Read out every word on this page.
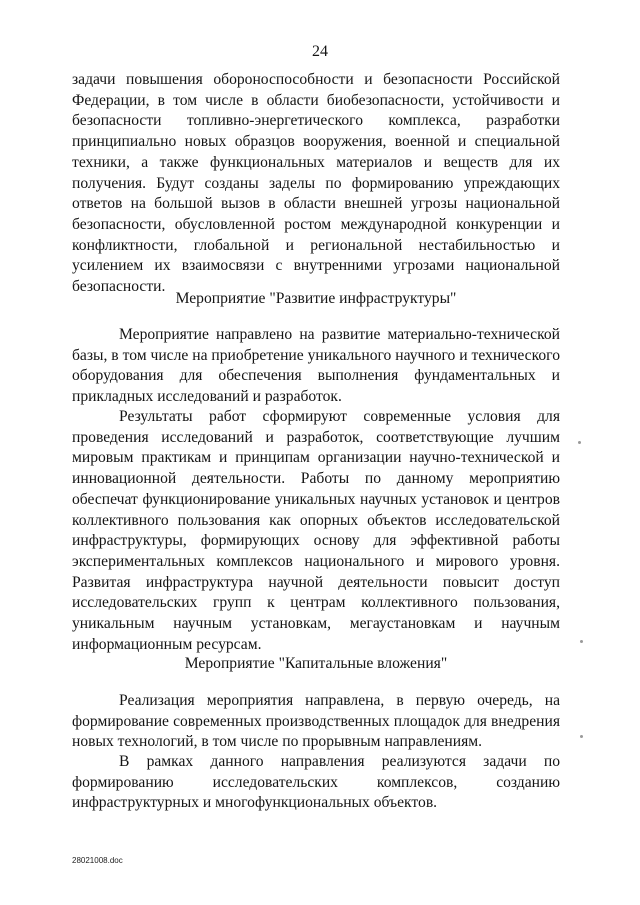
24

задачи повышения обороноспособности и безопасности Российской Федерации, в том числе в области биобезопасности, устойчивости и безопасности топливно-энергетического комплекса, разработки принципиально новых образцов вооружения, военной и специальной техники, а также функциональных материалов и веществ для их получения. Будут созданы заделы по формированию упреждающих ответов на большой вызов в области внешней угрозы национальной безопасности, обусловленной ростом международной конкуренции и конфликтности, глобальной и региональной нестабильностью и усилением их взаимосвязи с внутренними угрозами национальной безопасности.

Мероприятие "Развитие инфраструктуры"

Мероприятие направлено на развитие материально-технической базы, в том числе на приобретение уникального научного и технического оборудования для обеспечения выполнения фундаментальных и прикладных исследований и разработок.

Результаты работ сформируют современные условия для проведения исследований и разработок, соответствующие лучшим мировым практикам и принципам организации научно-технической и инновационной деятельности. Работы по данному мероприятию обеспечат функционирование уникальных научных установок и центров коллективного пользования как опорных объектов исследовательской инфраструктуры, формирующих основу для эффективной работы экспериментальных комплексов национального и мирового уровня. Развитая инфраструктура научной деятельности повысит доступ исследовательских групп к центрам коллективного пользования, уникальным научным установкам, мегаустановкам и научным информационным ресурсам.

Мероприятие "Капитальные вложения"

Реализация мероприятия направлена, в первую очередь, на формирование современных производственных площадок для внедрения новых технологий, в том числе по прорывным направлениям.

В рамках данного направления реализуются задачи по формированию исследовательских комплексов, созданию инфраструктурных и многофункциональных объектов.

28021008.doc
